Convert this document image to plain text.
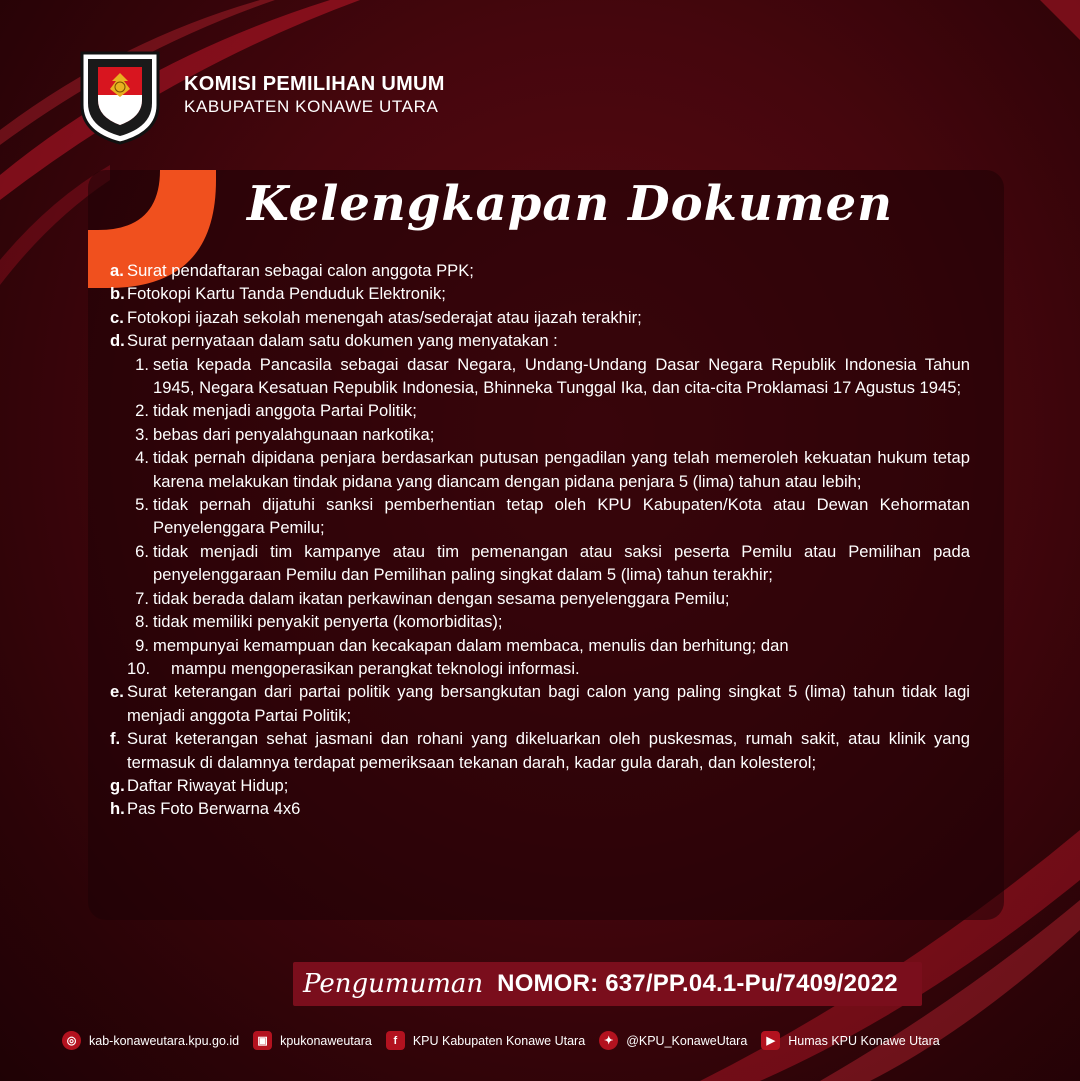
KOMISI PEMILIHAN UMUM
KABUPATEN KONAWE UTARA
Kelengkapan Dokumen
a. Surat pendaftaran sebagai calon anggota PPK;
b. Fotokopi Kartu Tanda Penduduk Elektronik;
c. Fotokopi ijazah sekolah menengah atas/sederajat atau ijazah terakhir;
d. Surat pernyataan dalam satu dokumen yang menyatakan :
1. setia kepada Pancasila sebagai dasar Negara, Undang-Undang Dasar Negara Republik Indonesia Tahun 1945, Negara Kesatuan Republik Indonesia, Bhinneka Tunggal Ika, dan cita-cita Proklamasi 17 Agustus 1945;
2. tidak menjadi anggota Partai Politik;
3. bebas dari penyalahgunaan narkotika;
4. tidak pernah dipidana penjara berdasarkan putusan pengadilan yang telah memeroleh kekuatan hukum tetap karena melakukan tindak pidana yang diancam dengan pidana penjara 5 (lima) tahun atau lebih;
5. tidak pernah dijatuhi sanksi pemberhentian tetap oleh KPU Kabupaten/Kota atau Dewan Kehormatan Penyelenggara Pemilu;
6. tidak menjadi tim kampanye atau tim pemenangan atau saksi peserta Pemilu atau Pemilihan pada penyelenggaraan Pemilu dan Pemilihan paling singkat dalam 5 (lima) tahun terakhir;
7. tidak berada dalam ikatan perkawinan dengan sesama penyelenggara Pemilu;
8. tidak memiliki penyakit penyerta (komorbiditas);
9. mempunyai kemampuan dan kecakapan dalam membaca, menulis dan berhitung; dan
10.	mampu mengoperasikan perangkat teknologi informasi.
e. Surat keterangan dari partai politik yang bersangkutan bagi calon yang paling singkat 5 (lima) tahun tidak lagi menjadi anggota Partai Politik;
f. Surat keterangan sehat jasmani dan rohani yang dikeluarkan oleh puskesmas, rumah sakit, atau klinik yang termasuk di dalamnya terdapat pemeriksaan tekanan darah, kadar gula darah, dan kolesterol;
g. Daftar Riwayat Hidup;
h. Pas Foto Berwarna 4x6
Pengumuman NOMOR: 637/PP.04.1-Pu/7409/2022
◎	kab-konaweutara.kpu.go.id	▣ kpukonaweutara	f	KPU Kabupaten Konawe Utara	✦	@KPU_KonaweUtara	▶	Humas KPU Konawe Utara
